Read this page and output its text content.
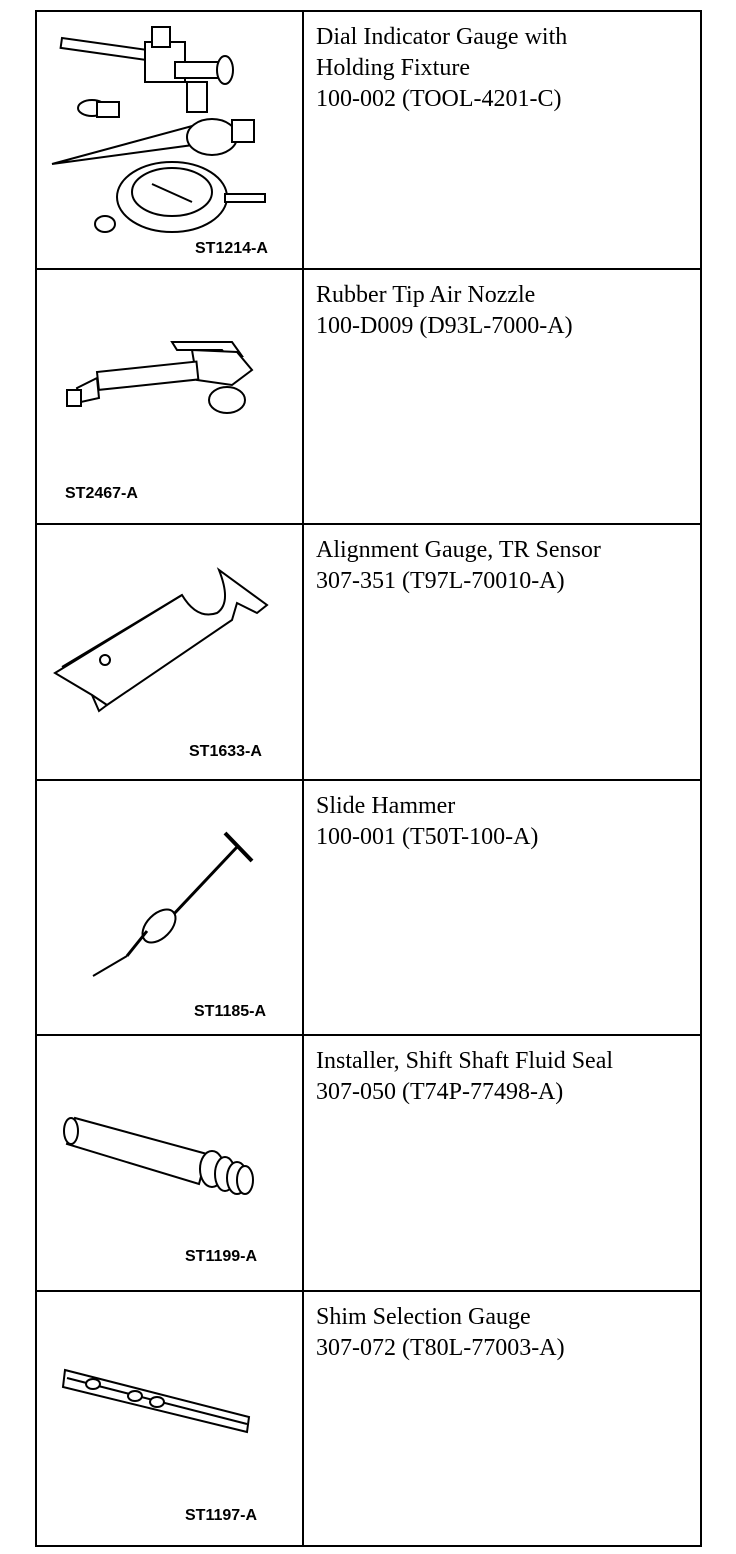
ST1214-A
Dial Indicator Gauge with
Holding Fixture
100-002 (TOOL-4201-C)
ST2467-A
Rubber Tip Air Nozzle
100-D009 (D93L-7000-A)
ST1633-A
Alignment Gauge, TR Sensor
307-351 (T97L-70010-A)
ST1185-A
Slide Hammer
100-001 (T50T-100-A)
ST1199-A
Installer, Shift Shaft Fluid Seal
307-050 (T74P-77498-A)
ST1197-A
Shim Selection Gauge
307-072 (T80L-77003-A)
